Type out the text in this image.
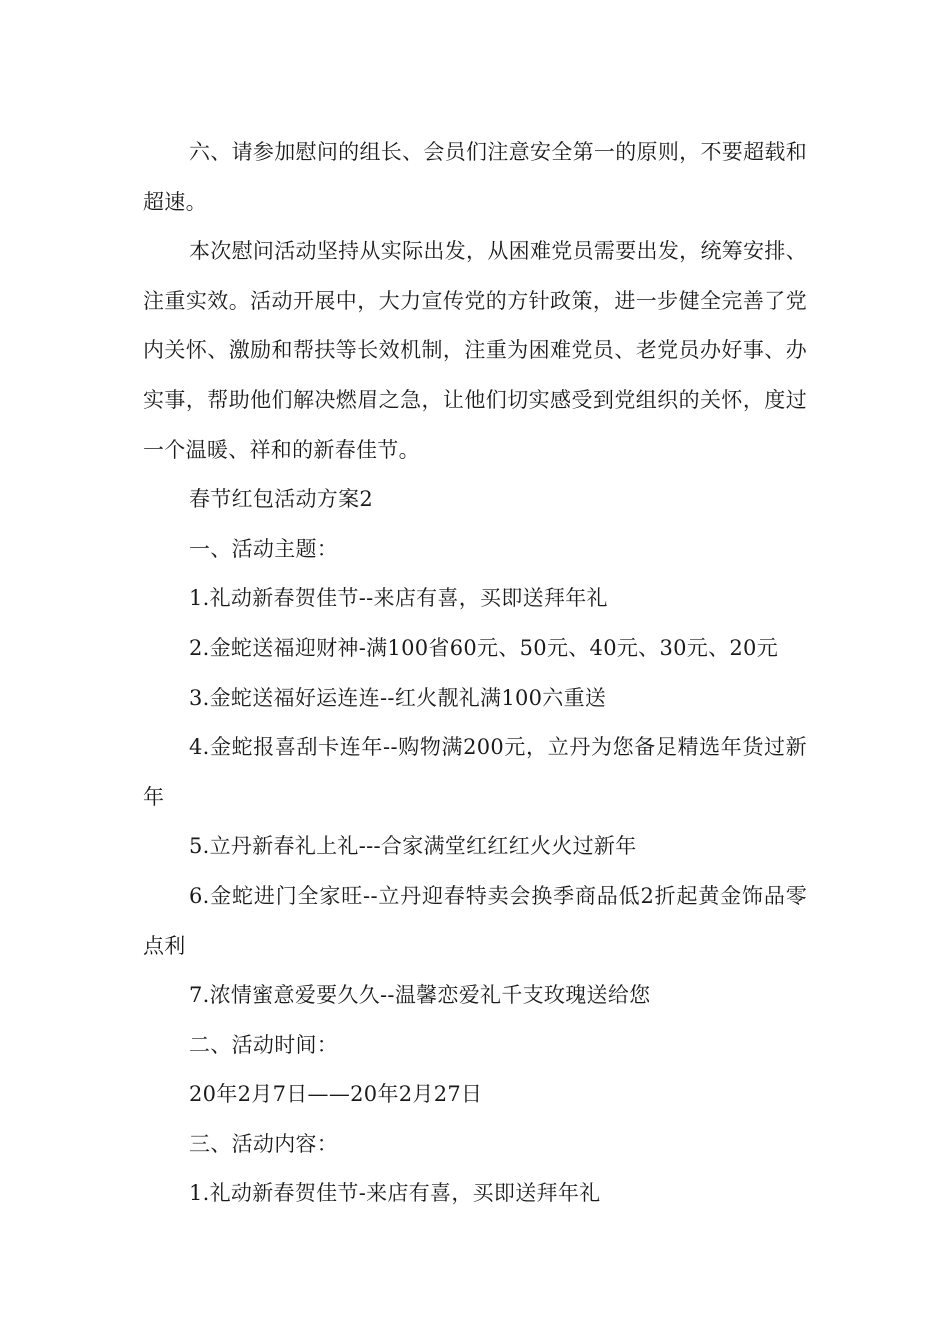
六、请参加慰问的组长、会员们注意安全第一的原则，不要超载和超速。

本次慰问活动坚持从实际出发，从困难党员需要出发，统筹安排、注重实效。活动开展中，大力宣传党的方针政策，进一步健全完善了党内关怀、激励和帮扶等长效机制，注重为困难党员、老党员办好事、办实事，帮助他们解决燃眉之急，让他们切实感受到党组织的关怀，度过一个温暖、祥和的新春佳节。

春节红包活动方案2

一、活动主题：

1.礼动新春贺佳节--来店有喜，买即送拜年礼

2.金蛇送福迎财神-满100省60元、50元、40元、30元、20元

3.金蛇送福好运连连--红火靓礼满100六重送

4.金蛇报喜刮卡连年--购物满200元，立丹为您备足精选年货过新年

5.立丹新春礼上礼---合家满堂红红红火火过新年

6.金蛇进门全家旺--立丹迎春特卖会换季商品低2折起黄金饰品零点利

7.浓情蜜意爱要久久--温馨恋爱礼千支玫瑰送给您

二、活动时间：

20年2月7日——20年2月27日

三、活动内容：

1.礼动新春贺佳节-来店有喜，买即送拜年礼
